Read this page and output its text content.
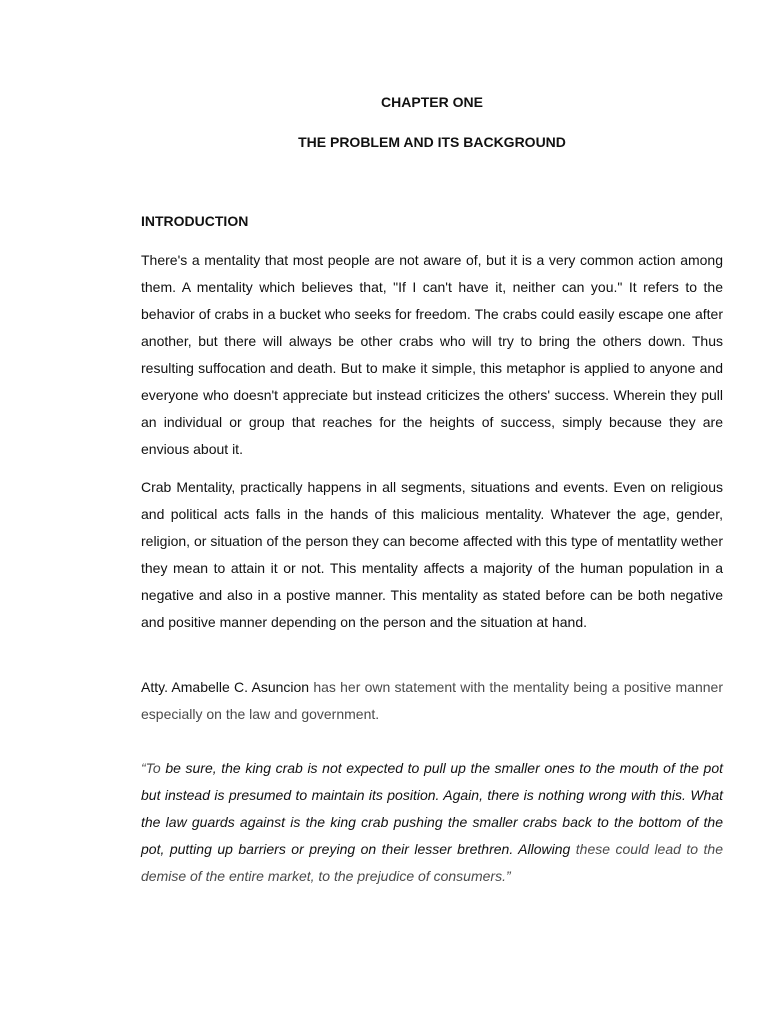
CHAPTER ONE
THE PROBLEM AND ITS BACKGROUND
INTRODUCTION

There's a mentality that most people are not aware of, but it is a very common action among them. A mentality which believes that, "If I can't have it, neither can you." It refers to the behavior of crabs in a bucket who seeks for freedom. The crabs could easily escape one after another, but there will always be other crabs who will try to bring the others down. Thus resulting suffocation and death. But to make it simple, this metaphor is applied to anyone and everyone who doesn't appreciate but instead criticizes the others' success. Wherein they pull an individual or group that reaches for the heights of success, simply because they are envious about it.

Crab Mentality, practically happens in all segments, situations and events. Even on religious and political acts falls in the hands of this malicious mentality. Whatever the age, gender, religion, or situation of the person they can become affected with this type of mentatlity wether they mean to attain it or not. This mentality affects a majority of the human population in a negative and also in a postive manner. This mentality as stated before can be both negative and positive manner depending on the person and the situation at hand.

Atty. Amabelle C. Asuncion has her own statement with the mentality being a positive manner especially on the law and government.

“To be sure, the king crab is not expected to pull up the smaller ones to the mouth of the pot but instead is presumed to maintain its position. Again, there is nothing wrong with this. What the law guards against is the king crab pushing the smaller crabs back to the bottom of the pot, putting up barriers or preying on their lesser brethren. Allowing these could lead to the demise of the entire market, to the prejudice of consumers.”
